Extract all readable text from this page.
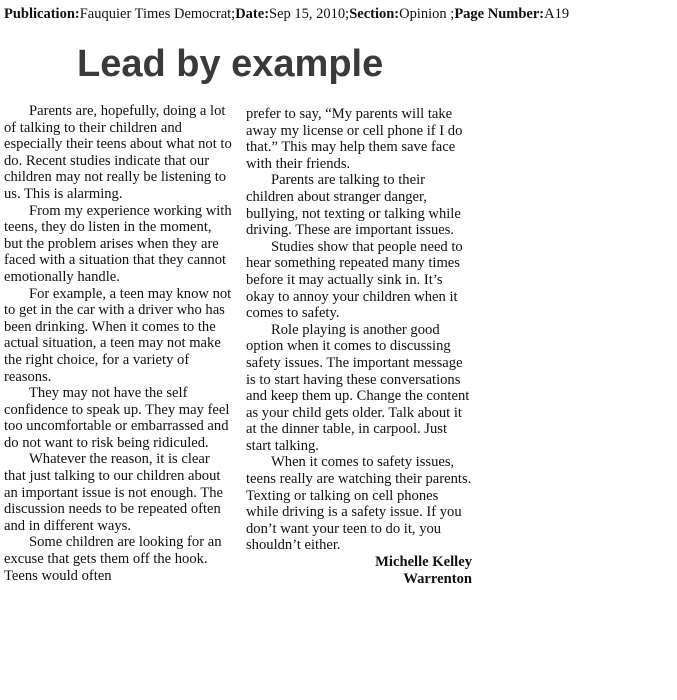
Publication:Fauquier Times Democrat;Date:Sep 15, 2010;Section:Opinion ;Page Number:A19
Lead by example

Parents are, hopefully, doing a lot of talking to their children and especially their teens about what not to do. Recent studies indicate that our children may not really be listening to us. This is alarming.

From my experience working with teens, they do listen in the moment, but the problem arises when they are faced with a situation that they cannot emotionally handle.

For example, a teen may know not to get in the car with a driver who has been drinking. When it comes to the actual situation, a teen may not make the right choice, for a variety of reasons.

They may not have the self confidence to speak up. They may feel too uncomfortable or embarrassed and do not want to risk being ridiculed.

Whatever the reason, it is clear that just talking to our children about an important issue is not enough. The discussion needs to be repeated often and in different ways.

Some children are looking for an excuse that gets them off the hook. Teens would often

prefer to say, “My parents will take away my license or cell phone if I do that.” This may help them save face with their friends.

Parents are talking to their children about stranger danger, bullying, not texting or talking while driving. These are important issues.

Studies show that people need to hear something repeated many times before it may actually sink in. It’s okay to annoy your children when it comes to safety.

Role playing is another good option when it comes to discussing safety issues. The important message is to start having these conversations and keep them up. Change the content as your child gets older. Talk about it at the dinner table, in carpool. Just start talking.

When it comes to safety issues, teens really are watching their parents. Texting or talking on cell phones while driving is a safety issue. If you don’t want your teen to do it, you shouldn’t either.

Michelle Kelley
Warrenton
